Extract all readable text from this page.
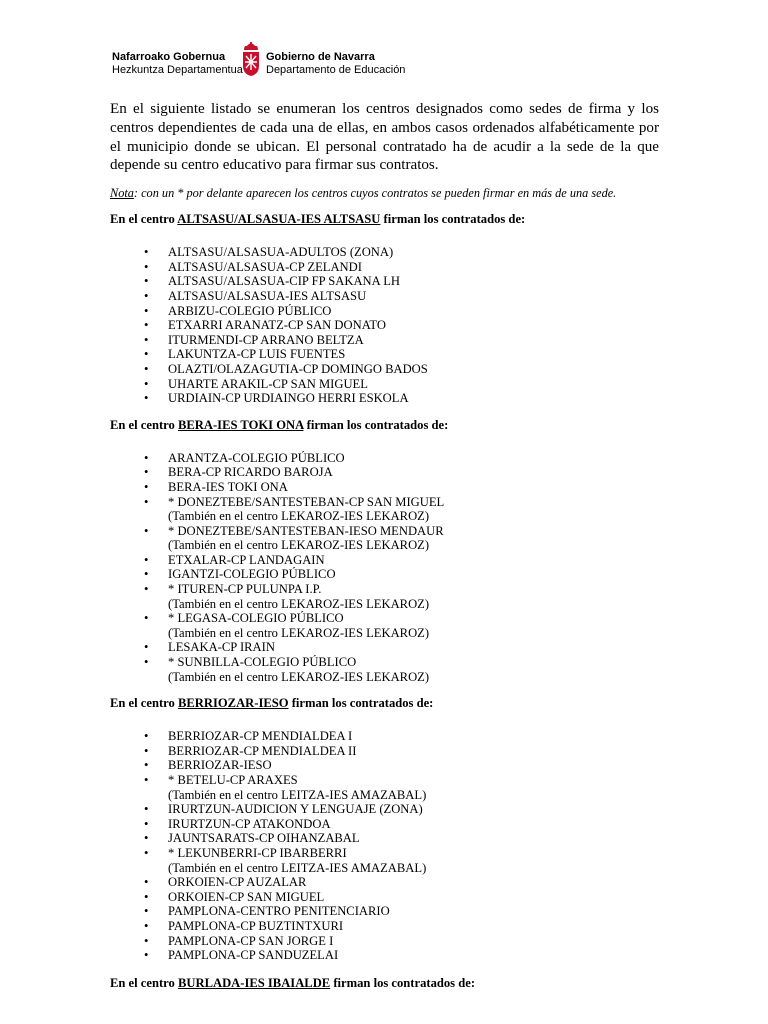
Nafarroako Gobernua
Hezkuntza Departamentua
Gobierno de Navarra
Departamento de Educación

En el siguiente listado se enumeran los centros designados como sedes de firma y los centros dependientes de cada una de ellas, en ambos casos ordenados alfabéticamente por el municipio donde se ubican. El personal contratado ha de acudir a la sede de la que depende su centro educativo para firmar sus contratos.

Nota: con un * por delante aparecen los centros cuyos contratos se pueden firmar en más de una sede.

En el centro ALTSASU/ALSASUA-IES ALTSASU firman los contratados de:

• ALTSASU/ALSASUA-ADULTOS (ZONA)
• ALTSASU/ALSASUA-CP ZELANDI
• ALTSASU/ALSASUA-CIP FP SAKANA LH
• ALTSASU/ALSASUA-IES ALTSASU
• ARBIZU-COLEGIO PÚBLICO
• ETXARRI ARANATZ-CP SAN DONATO
• ITURMENDI-CP ARRANO BELTZA
• LAKUNTZA-CP LUIS FUENTES
• OLAZTI/OLAZAGUTIA-CP DOMINGO BADOS
• UHARTE ARAKIL-CP SAN MIGUEL
• URDIAIN-CP URDIAINGO HERRI ESKOLA

En el centro BERA-IES TOKI ONA firman los contratados de:

• ARANTZA-COLEGIO PÚBLICO
• BERA-CP RICARDO BAROJA
• BERA-IES TOKI ONA
• * DONEZTEBE/SANTESTEBAN-CP SAN MIGUEL
(También en el centro LEKAROZ-IES LEKAROZ)
• * DONEZTEBE/SANTESTEBAN-IESO MENDAUR
(También en el centro LEKAROZ-IES LEKAROZ)
• ETXALAR-CP LANDAGAIN
• IGANTZI-COLEGIO PÚBLICO
• * ITUREN-CP PULUNPA I.P.
(También en el centro LEKAROZ-IES LEKAROZ)
• * LEGASA-COLEGIO PÚBLICO
(También en el centro LEKAROZ-IES LEKAROZ)
• LESAKA-CP IRAIN
• * SUNBILLA-COLEGIO PÚBLICO
(También en el centro LEKAROZ-IES LEKAROZ)

En el centro BERRIOZAR-IESO firman los contratados de:

• BERRIOZAR-CP MENDIALDEA I
• BERRIOZAR-CP MENDIALDEA II
• BERRIOZAR-IESO
• * BETELU-CP ARAXES
(También en el centro LEITZA-IES AMAZABAL)
• IRURTZUN-AUDICION Y LENGUAJE (ZONA)
• IRURTZUN-CP ATAKONDOA
• JAUNTSARATS-CP OIHANZABAL
• * LEKUNBERRI-CP IBARBERRI
(También en el centro LEITZA-IES AMAZABAL)
• ORKOIEN-CP AUZALAR
• ORKOIEN-CP SAN MIGUEL
• PAMPLONA-CENTRO PENITENCIARIO
• PAMPLONA-CP BUZTINTXURI
• PAMPLONA-CP SAN JORGE I
• PAMPLONA-CP SANDUZELAI

En el centro BURLADA-IES IBAIALDE firman los contratados de:
